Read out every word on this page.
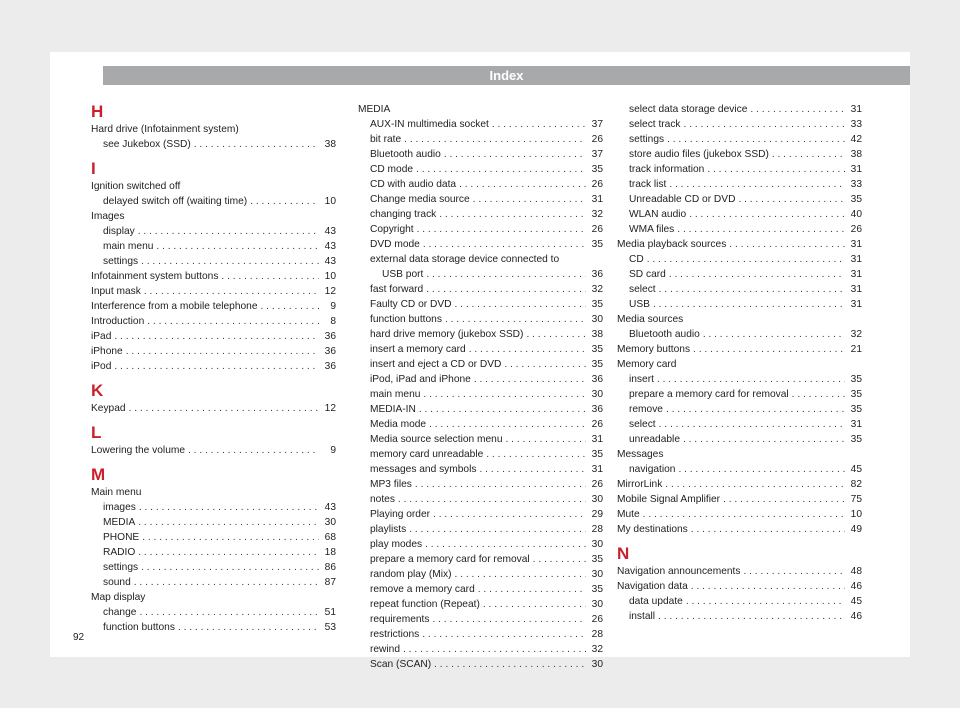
Index
H
Hard drive (Infotainment system)
see Jukebox (SSD) . . .	38
I
Ignition switched off
delayed switch off (waiting time) . . .	10
Images
display . . .	43
main menu . . .	43
settings . . .	43
Infotainment system buttons . . .	10
Input mask . . .	12
Interference from a mobile telephone . . .	9
Introduction . . .	8
iPad . . .	36
iPhone . . .	36
iPod . . .	36
K
Keypad . . .	12
L
Lowering the volume . . .	9
M
Main menu
images . . .	43
MEDIA . . .	30
PHONE . . .	68
RADIO . . .	18
settings . . .	86
sound . . .	87
Map display
change . . .	51
function buttons . . .	53
MEDIA
AUX-IN multimedia socket . . .	37
bit rate . . .	26
Bluetooth audio . . .	37
CD mode . . .	35
CD with audio data . . .	26
Change media source . . .	31
changing track . . .	32
Copyright . . .	26
DVD mode . . .	35
external data storage device connected to
USB port . . .	36
fast forward . . .	32
Faulty CD or DVD . . .	35
function buttons . . .	30
hard drive memory (jukebox SSD) . . .	38
insert a memory card . . .	35
insert and eject a CD or DVD . . .	35
iPod, iPad and iPhone . . .	36
main menu . . .	30
MEDIA-IN . . .	36
Media mode . . .	26
Media source selection menu . . .	31
memory card unreadable . . .	35
messages and symbols . . .	31
MP3 files . . .	26
notes . . .	30
Playing order . . .	29
playlists . . .	28
play modes . . .	30
prepare a memory card for removal . . .	35
random play (Mix) . . .	30
remove a memory card . . .	35
repeat function (Repeat) . . .	30
requirements . . .	26
restrictions . . .	28
rewind . . .	32
Scan (SCAN) . . .	30
select data storage device . . .	31
select track . . .	33
settings . . .	42
store audio files (jukebox SSD) . . .	38
track information . . .	31
track list . . .	33
Unreadable CD or DVD . . .	35
WLAN audio . . .	40
WMA files . . .	26
Media playback sources . . .	31
CD . . .	31
SD card . . .	31
select . . .	31
USB . . .	31
Media sources
Bluetooth audio . . .	32
Memory buttons . . .	21
Memory card
insert . . .	35
prepare a memory card for removal . . .	35
remove . . .	35
select . . .	31
unreadable . . .	35
Messages
navigation . . .	45
MirrorLink . . .	82
Mobile Signal Amplifier . . .	75
Mute . . .	10
My destinations . . .	49
N
Navigation announcements . . .	48
Navigation data . . .	46
data update . . .	45
install . . .	46
92
